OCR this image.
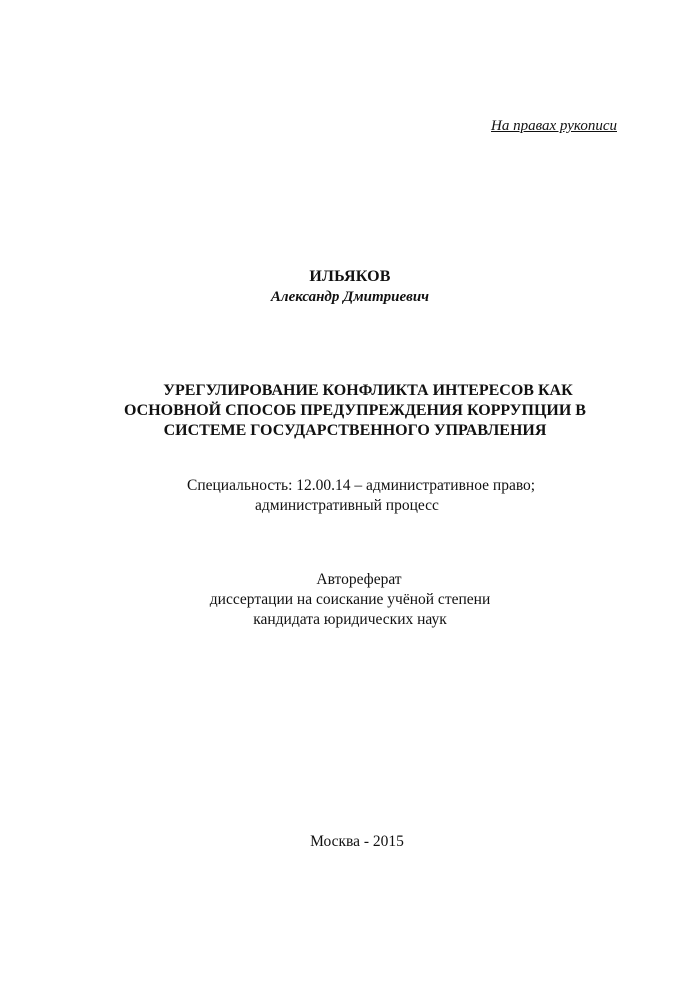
На правах рукописи
ИЛЬЯКОВ
Александр Дмитриевич
УРЕГУЛИРОВАНИЕ КОНФЛИКТА ИНТЕРЕСОВ КАК
ОСНОВНОЙ СПОСОБ ПРЕДУПРЕЖДЕНИЯ КОРРУПЦИИ В
СИСТЕМЕ ГОСУДАРСТВЕННОГО УПРАВЛЕНИЯ
Специальность: 12.00.14 – административное право;
административный процесс
Автореферат
диссертации на соискание учёной степени
кандидата юридических наук
Москва - 2015
